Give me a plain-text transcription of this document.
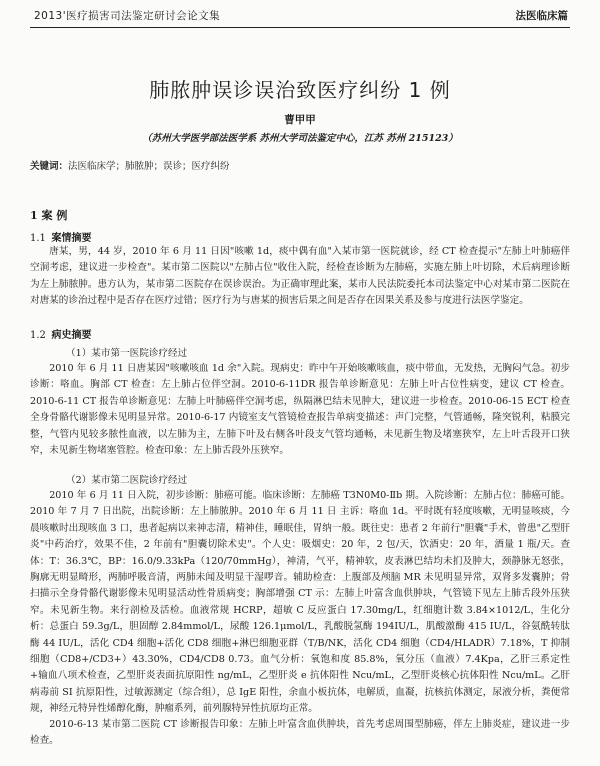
2013'医疗损害司法鉴定研讨会论文集	法医临床篇
肺脓肿误诊误治致医疗纠纷 1 例
曹甲甲
（苏州大学医学部法医学系 苏州大学司法鉴定中心，江苏 苏州 215123）
关键词：法医临床学；肺脓肿；误诊；医疗纠纷
1 案 例
1.1 案情摘要

唐某，男，44 岁，2010 年 6 月 11 日因"咳嗽 1d，痰中偶有血"入某市第一医院就诊，经 CT 检查提示"左肺上叶肺癌伴空洞考虑，建议进一步检查"。某市第二医院以"左肺占位"收住入院，经检查诊断为左肺癌，实施左肺上叶切除，术后病理诊断为左上肺脓肿。患方认为，某市第二医院存在误诊误治。为正确审理此案，某市人民法院委托本司法鉴定中心对某市第二医院在对唐某的诊治过程中是否存在医疗过错；医疗行为与唐某的损害后果之间是否存在因果关系及参与度进行法医学鉴定。

1.2 病史摘要
（1）某市第一医院诊疗经过

2010 年 6 月 11 日唐某因"咳嗽咳血 1d 余"入院。现病史：昨中午开始咳嗽咳血，痰中带血，无发热，无胸闷气急。初步诊断：咯血。胸部 CT 检查：左上肺占位伴空洞。2010-6-11DR 报告单诊断意见：左肺上叶占位性病变，建议 CT 检查。2010-6-11 CT 报告单诊断意见：左肺上叶肺癌伴空洞考虑，纵隔淋巴结未见肿大，建议进一步检查。2010-06-15 ECT 检查全身骨骼代谢影像未见明显异常。2010-6-17 内镜室支气管镜检查报告单病变描述：声门完整，气管通畅，隆突锐利，粘膜完整，气管内见较多脓性血液，以左肺为主，左肺下叶及右侧各叶段支气管均通畅，未见新生物及堵塞狭窄，左上叶舌段开口狭窄，未见新生物堵塞管腔。检查印象：左上肺舌段外压狭窄。

（2）某市第二医院诊疗经过

2010 年 6 月 11 日入院，初步诊断：肺癌可能。临床诊断：左肺癌 T3N0M0-Ⅱb 期。入院诊断：左肺占位：肺癌可能。2010 年 7 月 7 日出院，出院诊断：左上肺脓肿。2010 年 6 月 11 日 主诉：咯血 1d。平时既有轻度咳嗽，无明显咳痰，今晨咳嗽时出现咳血 3 口，患者起病以来神志清，精神佳，睡眠佳，胃纳一般。既往史：患者 2 年前行"胆囊"手术，曾患"乙型肝炎"中药治疗，效果不佳，2 年前有"胆囊切除术史"。个人史：吸烟史：20 年，2 包/天，饮酒史：20 年，酒量 1 瓶/天。查体：T：36.3℃，BP：16.0/9.33kPa（120/70mmHg），神清，气平，精神软，皮表淋巴结均未扪及肿大，颈静脉无怒张，胸廓无明显畸形，两肺呼吸音清，两肺未闻及明显干湿啰音。辅助检查：上腹部及颅脑 MR 未见明显异常，双肾多发囊肿；骨扫描示全身骨骼代谢影像未见明显活动性骨质病变；胸部增强 CT 示：左肺上叶富含血供肿块，气管镜下见左上肺舌段外压狭窄。未见新生物。来行剖检及活检。血液常规 HCRP，超敏 C 反应蛋白 17.30mg/L，红细胞计数 3.84×1012/L，生化分析：总蛋白 59.3g/L，胆固醇 2.84mmol/L，尿酸 126.1μmol/L，乳酸脱氢酶 194IU/L，肌酸激酶 415 IU/L，谷氨酰转肽酶 44 IU/L，活化 CD4 细胞+活化 CD8 细胞+淋巴细胞亚群（T/B/NK，活化 CD4 细胞（CD4/HLADR）7.18%，T 抑制细胞（CD8+/CD3+）43.30%，CD4/CD8 0.73。血气分析：氧饱和度 85.8%，氧分压（血液）7.4Kpa，乙肝三系定性+输血八项术检查，乙型肝炎表面抗原阳性 ng/mL，乙型肝炎 e 抗体阳性 Ncu/mL，乙型肝炎核心抗体阳性 Ncu/mL。乙肝病毒前 SI 抗原阳性，过敏源测定（综合组），总 IgE 阳性，余血小板抗体，电解质，血凝，抗核抗体测定，尿液分析，粪便常规，神经元特异性烯醇化酶，肿瘤系列，前列腺特异性抗原均正常。

2010-6-13 某市第二医院 CT 诊断报告印象：左肺上叶富含血供肿块，首先考虑周围型肺癌，伴左上肺炎症，建议进一步检查。
